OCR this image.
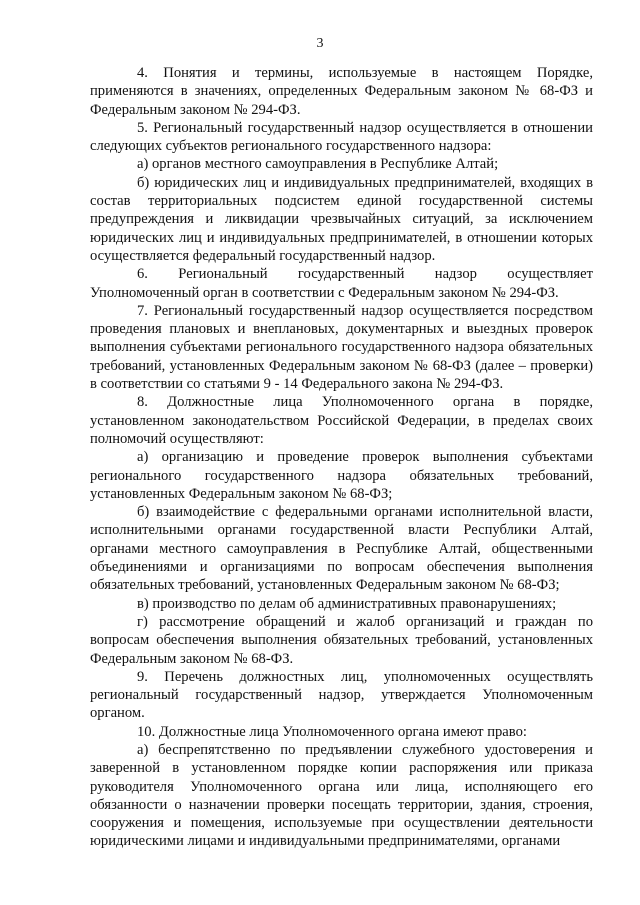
3

4. Понятия и термины, используемые в настоящем Порядке, применяются в значениях, определенных Федеральным законом № 68-ФЗ и Федеральным законом № 294-ФЗ.

5. Региональный государственный надзор осуществляется в отношении следующих субъектов регионального государственного надзора:

а) органов местного самоуправления в Республике Алтай;

б) юридических лиц и индивидуальных предпринимателей, входящих в состав территориальных подсистем единой государственной системы предупреждения и ликвидации чрезвычайных ситуаций, за исключением юридических лиц и индивидуальных предпринимателей, в отношении которых осуществляется федеральный государственный надзор.

6. Региональный государственный надзор осуществляет Уполномоченный орган в соответствии с Федеральным законом № 294-ФЗ.

7. Региональный государственный надзор осуществляется посредством проведения плановых и внеплановых, документарных и выездных проверок выполнения субъектами регионального государственного надзора обязательных требований, установленных Федеральным законом № 68-ФЗ (далее – проверки) в соответствии со статьями 9 - 14 Федерального закона № 294-ФЗ.

8. Должностные лица Уполномоченного органа в порядке, установленном законодательством Российской Федерации, в пределах своих полномочий осуществляют:

а) организацию и проведение проверок выполнения субъектами регионального государственного надзора обязательных требований, установленных Федеральным законом № 68-ФЗ;

б) взаимодействие с федеральными органами исполнительной власти, исполнительными органами государственной власти Республики Алтай, органами местного самоуправления в Республике Алтай, общественными объединениями и организациями по вопросам обеспечения выполнения обязательных требований, установленных Федеральным законом № 68-ФЗ;

в) производство по делам об административных правонарушениях;

г) рассмотрение обращений и жалоб организаций и граждан по вопросам обеспечения выполнения обязательных требований, установленных Федеральным законом № 68-ФЗ.

9. Перечень должностных лиц, уполномоченных осуществлять региональный государственный надзор, утверждается Уполномоченным органом.

10. Должностные лица Уполномоченного органа имеют право:

а) беспрепятственно по предъявлении служебного удостоверения и заверенной в установленном порядке копии распоряжения или приказа руководителя Уполномоченного органа или лица, исполняющего его обязанности о назначении проверки посещать территории, здания, строения, сооружения и помещения, используемые при осуществлении деятельности юридическими лицами и индивидуальными предпринимателями, органами
